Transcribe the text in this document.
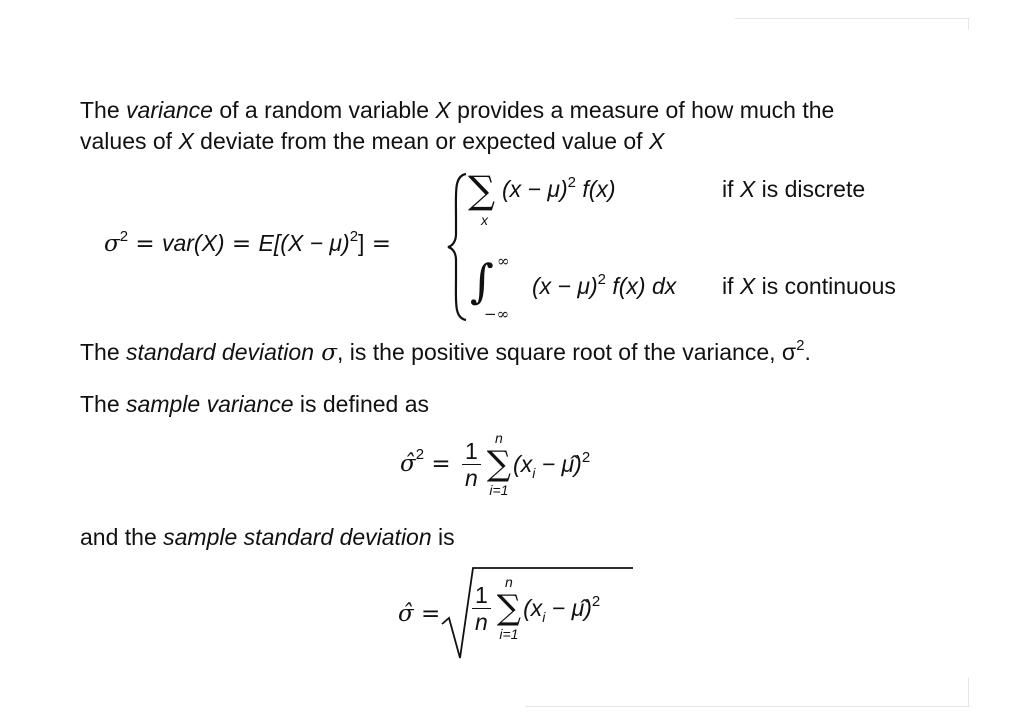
The variance of a random variable X provides a measure of how much the
values of X deviate from the mean or expected value of X
$\sigma^2 = var(X) = E[(X - \mu)^2]$ =
∑
x
$(x - \mu)^2$ f(x)	if X is discrete
∫ ∞
−∞
$(x - \mu)^2$ f(x) dx if X is continuous
The standard deviation σ, is the positive square root of the variance, $\sigma^2$.
The sample variance is defined as
σ̂$^2$ = $\frac{1}{n}$	n
∑
i=1
($x_i$ − μ̂)$^2$
and the sample standard deviation is
σ̂ = $\frac{1}{n}$	n
∑
i=1
($x_i$ − μ̂)$^2$
